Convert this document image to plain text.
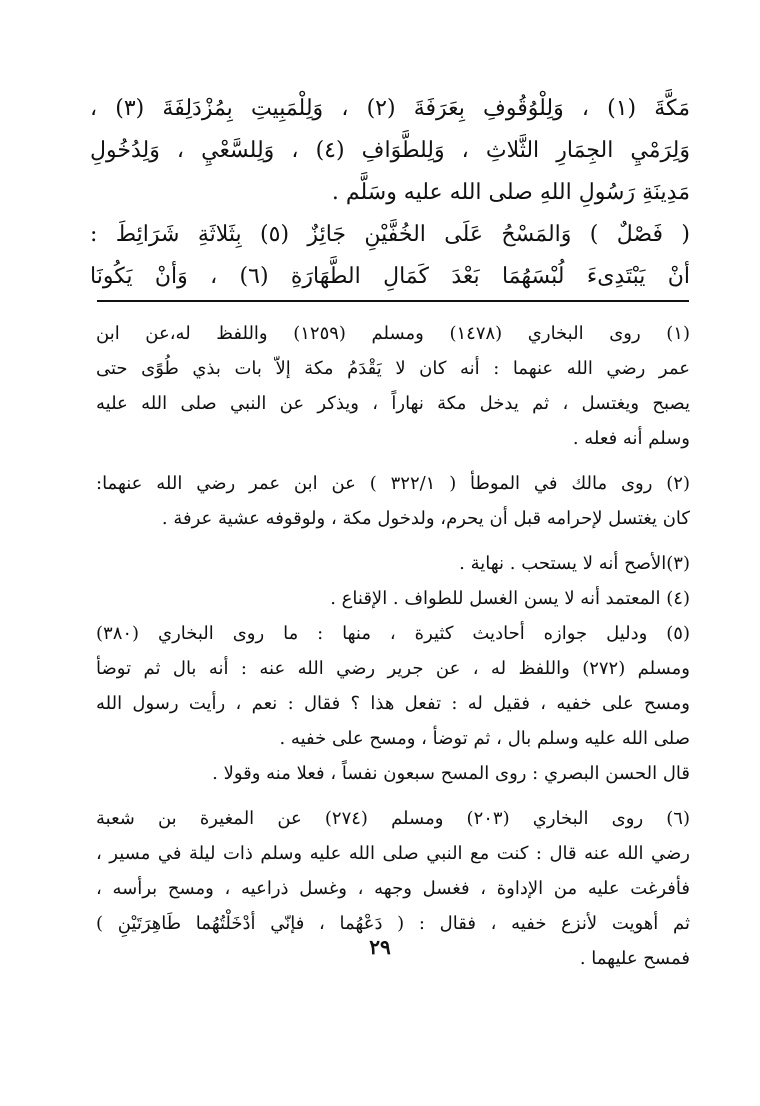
مَكَّةَ (١) ، وَلِلْوُقُوفِ بِعَرَفَةَ (٢) ، وَلِلْمَبِيتِ بِمُزْدَلِفَةَ (٣) ،
وَلِرَمْيِ الجِمَارِ الثَّلاثِ ، وَلِلطَّوَافِ (٤) ، وَلِلسَّعْيِ ، وَلِدُخُولِ
مَدِينَةِ رَسُولِ اللهِ صلى الله عليه وسَلَّم .
( فَصْلٌ ) وَالمَسْحُ عَلَى الخُفَّيْنِ جَائِزٌ (٥) بِثَلاثَةِ شَرَائِطَ :
أنْ يَبْتَدِىءَ لُبْسَهُمَا بَعْدَ كَمَالِ الطَّهَارَةِ (٦) ، وَأنْ يَكُونَا
(١) روى البخاري (١٤٧٨) ومسلم (١٢٥٩) واللفظ له،عن ابن
عمر رضي الله عنهما : أنه كان لا يَقْدَمُ مكة إلاّ بات بذي طُوًى حتى
يصبح ويغتسل ، ثم يدخل مكة نهاراً ، ويذكر عن النبي صلى الله عليه
وسلم أنه فعله .
(٢) روى مالك في الموطأ ( ٣٢٢/١ ) عن ابن عمر رضي الله عنهما:
كان يغتسل لإحرامه قبل أن يحرم، ولدخول مكة ، ولوقوفه عشية عرفة .
(٣)الأصح أنه لا يستحب . نهاية .
(٤) المعتمد أنه لا يسن الغسل للطواف . الإقناع .
(٥) ودليل جوازه أحاديث كثيرة ، منها : ما روى البخاري (٣٨٠)
ومسلم (٢٧٢) واللفظ له ، عن جرير رضي الله عنه : أنه بال ثم توضأ
ومسح على خفيه ، فقيل له : تفعل هذا ؟ فقال : نعم ، رأيت رسول الله
صلى الله عليه وسلم بال ، ثم توضأ ، ومسح على خفيه .
قال الحسن البصري : روى المسح سبعون نفساً ، فعلا منه وقولا .
(٦) روى البخاري (٢٠٣) ومسلم (٢٧٤) عن المغيرة بن شعبة
رضي الله عنه قال : كنت مع النبي صلى الله عليه وسلم ذات ليلة في مسير ،
فأفرغت عليه من الإداوة ، فغسل وجهه ، وغسل ذراعيه ، ومسح برأسه ،
ثم أهويت لأنزع خفيه ، فقال : ( دَعْهُما ، فإنّي أدْخَلْتُهُما طَاهِرَتَيْنِ )
فمسح عليهما .
٢٩
